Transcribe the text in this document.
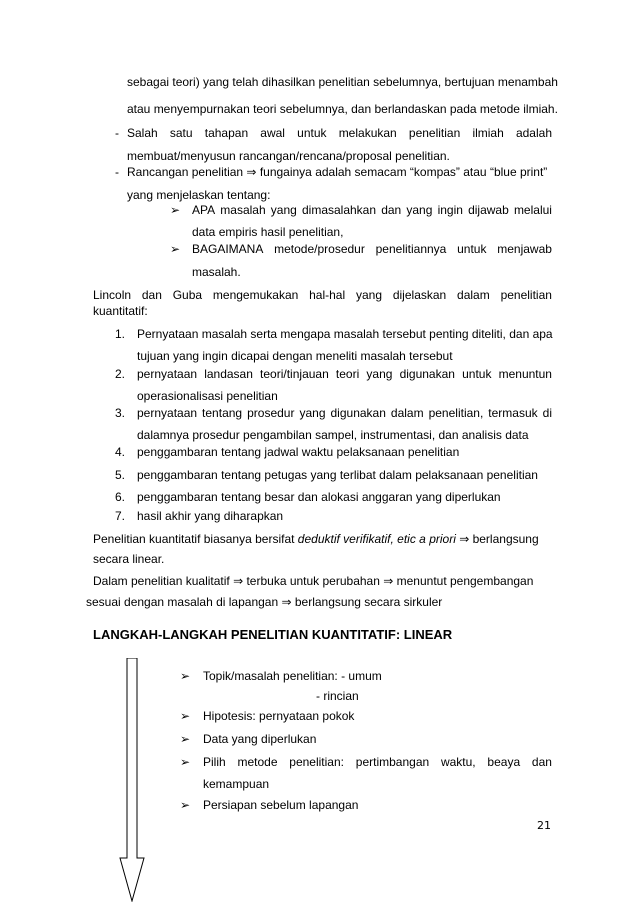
sebagai teori) yang telah dihasilkan penelitian sebelumnya, bertujuan menambah
atau menyempurnakan teori sebelumnya, dan berlandaskan pada metode ilmiah.
- Salah satu tahapan awal untuk melakukan penelitian ilmiah adalah
membuat/menyusun rancangan/rencana/proposal penelitian.
- Rancangan penelitian ⇒ fungainya adalah semacam “kompas” atau “blue print”
yang menjelaskan tentang:
➢ APA masalah yang dimasalahkan dan yang ingin dijawab melalui
data empiris hasil penelitian,
➢ BAGAIMANA metode/prosedur penelitiannya untuk menjawab
masalah.
Lincoln dan Guba mengemukakan hal-hal yang dijelaskan dalam penelitian
kuantitatif:
1. Pernyataan masalah serta mengapa masalah tersebut penting diteliti, dan apa
tujuan yang ingin dicapai dengan meneliti masalah tersebut
2. pernyataan landasan teori/tinjauan teori yang digunakan untuk menuntun
operasionalisasi penelitian
3. pernyataan tentang prosedur yang digunakan dalam penelitian, termasuk di
dalamnya prosedur pengambilan sampel, instrumentasi, dan analisis data
4. penggambaran tentang jadwal waktu pelaksanaan penelitian
5. penggambaran tentang petugas yang terlibat dalam pelaksanaan penelitian
6. penggambaran tentang besar dan alokasi anggaran yang diperlukan
7. hasil akhir yang diharapkan
Penelitian kuantitatif biasanya bersifat deduktif verifikatif, etic a priori ⇒ berlangsung
secara linear.
Dalam penelitian kualitatif ⇒ terbuka untuk perubahan ⇒ menuntut pengembangan
sesuai dengan masalah di lapangan ⇒ berlangsung secara sirkuler
LANGKAH-LANGKAH PENELITIAN KUANTITATIF: LINEAR
➢ Topik/masalah penelitian: - umum
- rincian
➢ Hipotesis: pernyataan pokok
➢ Data yang diperlukan
➢ Pilih metode penelitian: pertimbangan waktu, beaya dan
kemampuan
➢ Persiapan sebelum lapangan
21
